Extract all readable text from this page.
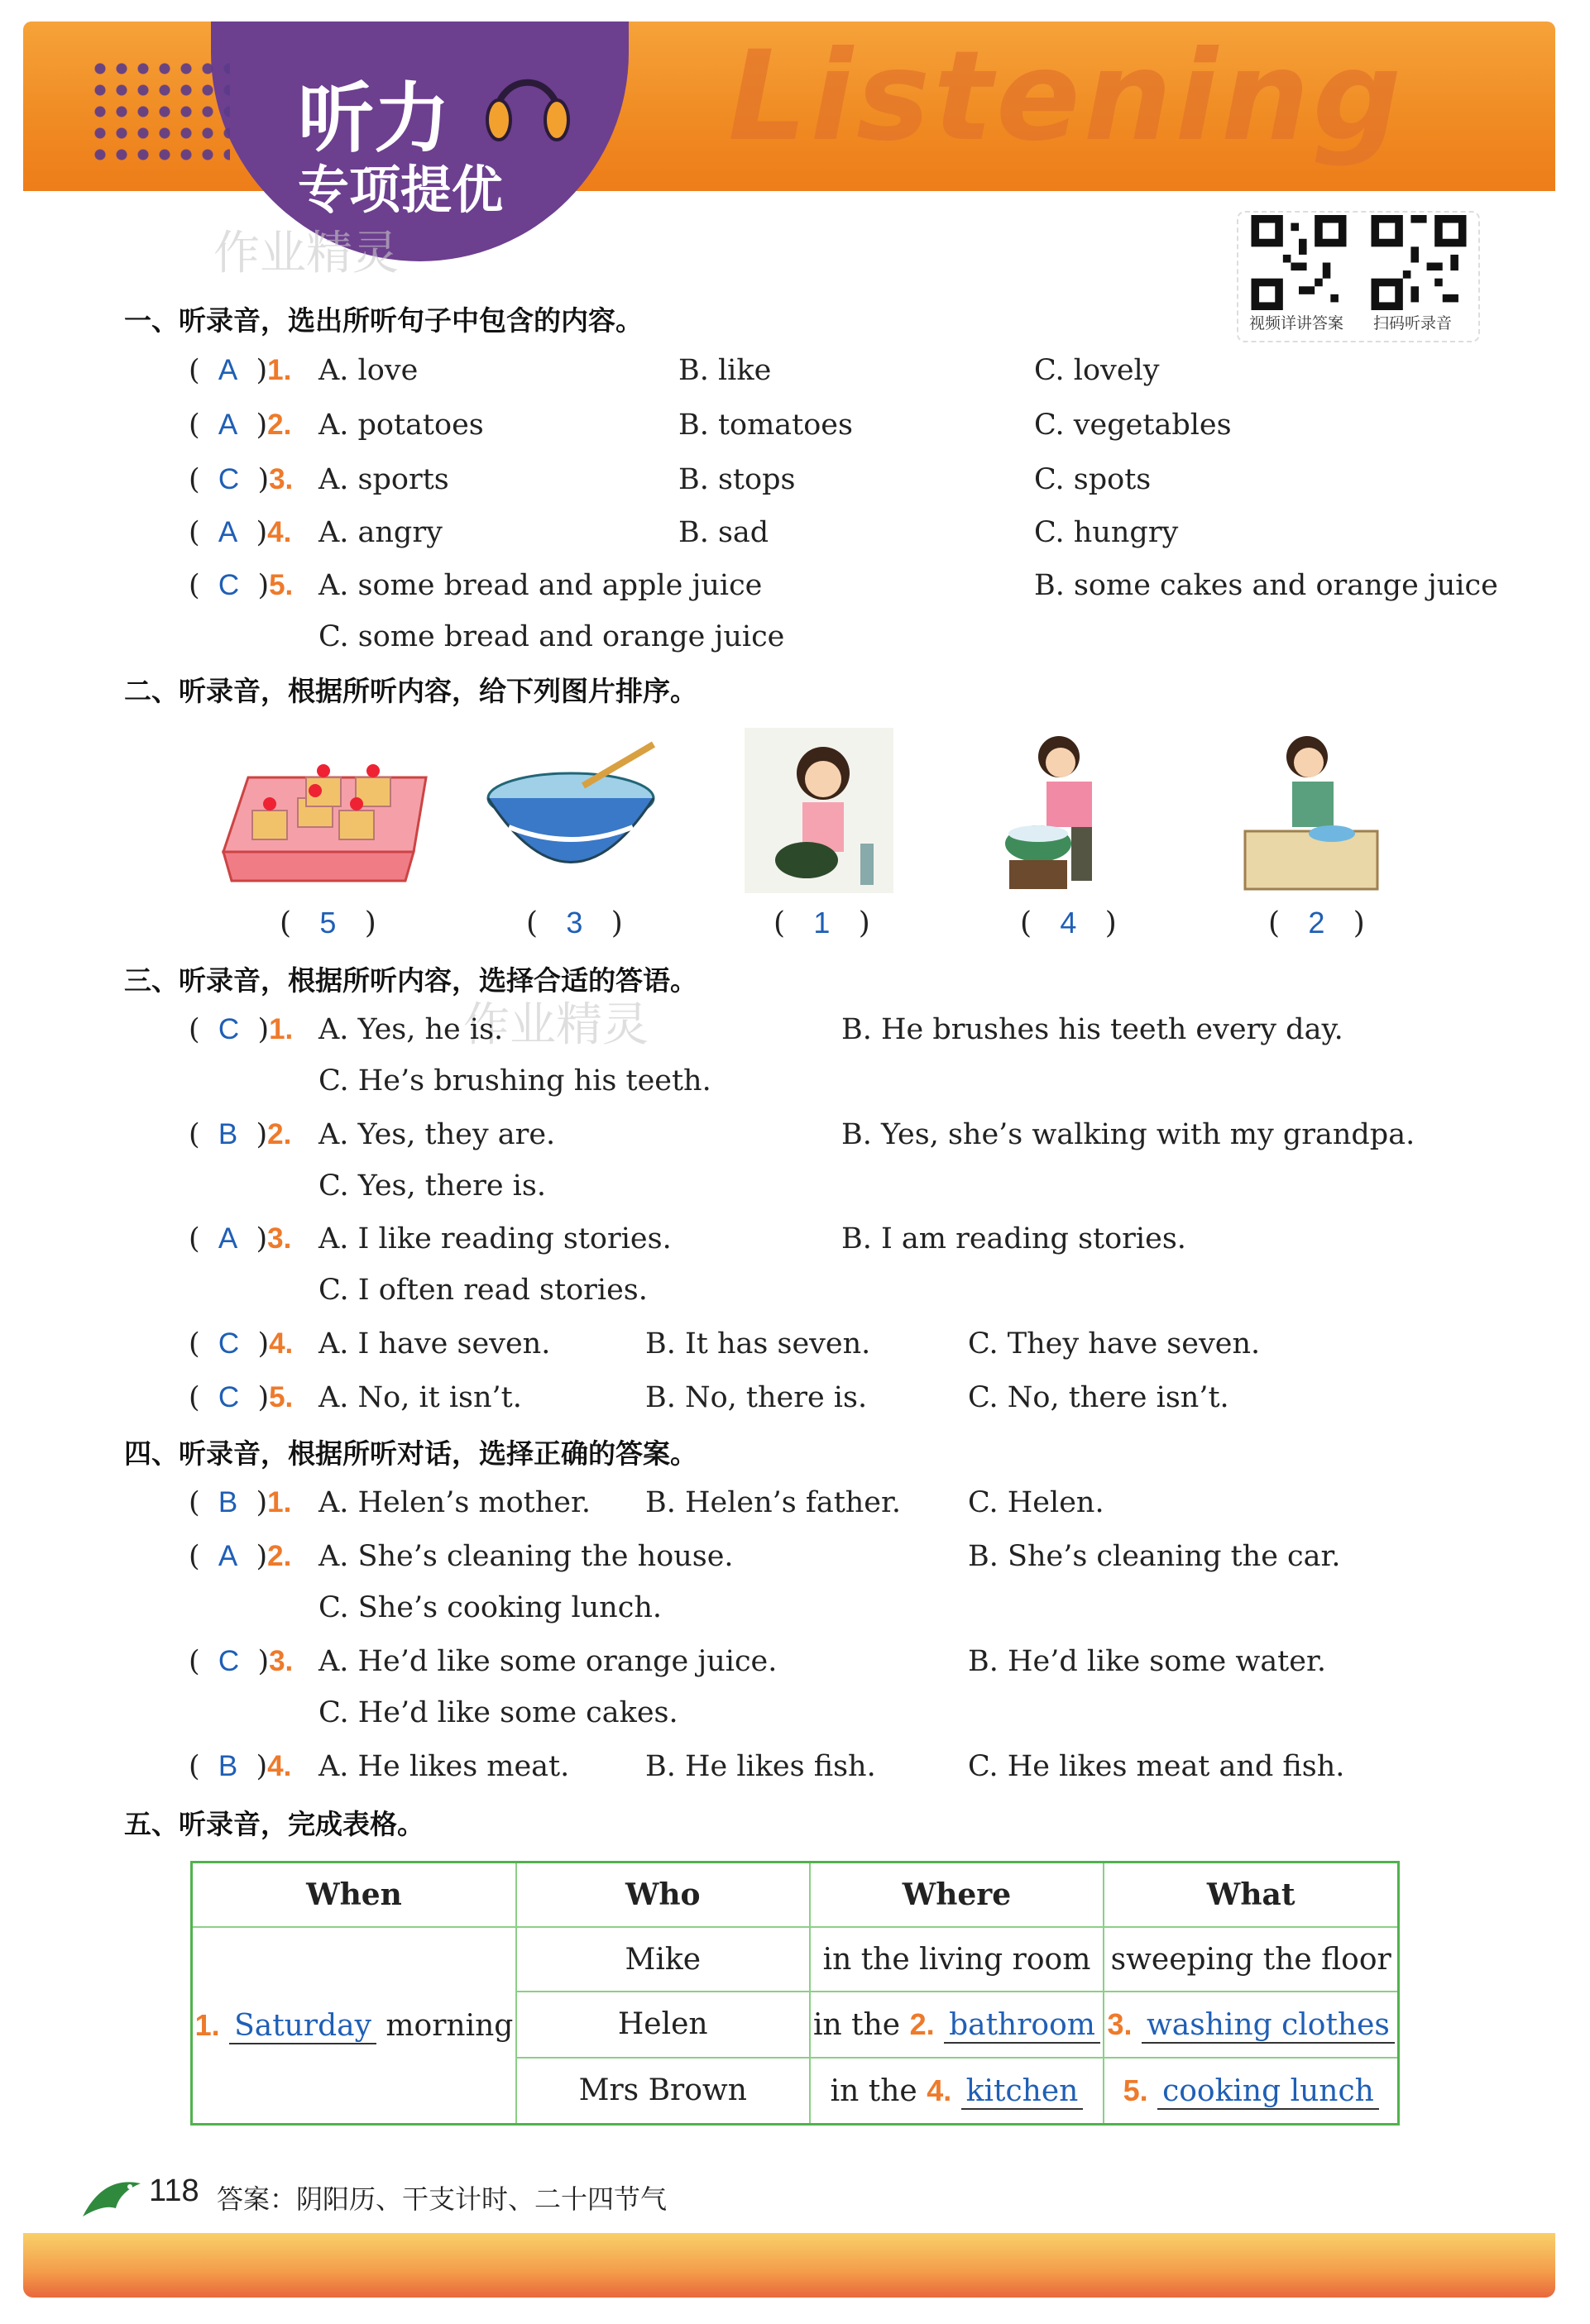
听力
专项提优
Listening
作业精灵
作业精灵
视频详讲答案 扫码听录音
一、听录音，选出所听句子中包含的内容。
(  A  )1. A. love	B. like	C. lovely
(  A  )2. A. potatoes	B. tomatoes	C. vegetables
(  C  )3. A. sports	B. stops	C. spots
(  A  )4. A. angry	B. sad	C. hungry
(  C  )5. A. some bread and apple juice	B. some cakes and orange juice
C. some bread and orange juice
二、听录音，根据所听内容，给下列图片排序。
(   5   )	(   3   )	(   1   )	(   4   )	(   2   )
三、听录音，根据所听内容，选择合适的答语。
(  C  )1. A. Yes, he is.	B. He brushes his teeth every day.
C. He’s brushing his teeth.
(  B  )2. A. Yes, they are.	B. Yes, she’s walking with my grandpa.
C. Yes, there is.
(  A  )3. A. I like reading stories.	B. I am reading stories.
C. I often read stories.
(  C  )4. A. I have seven.	B. It has seven.	C. They have seven.
(  C  )5. A. No, it isn’t.	B. No, there is.	C. No, there isn’t.
四、听录音，根据所听对话，选择正确的答案。
(  B  )1. A. Helen’s mother. B. Helen’s father. C. Helen.
(  A  )2. A. She’s cleaning the house.	B. She’s cleaning the car.
C. She’s cooking lunch.
(  C  )3. A. He’d like some orange juice.	B. He’d like some water.
C. He’d like some cakes.
(  B  )4. A. He likes meat.	B. He likes fish.	C. He likes meat and fish.
五、听录音，完成表格。
When	Who	Where	What
1. Saturday morning	Mike	in the living room	sweeping the floor
	Helen	in the 2. bathroom	3. washing clothes
	Mrs Brown	in the 4. kitchen	5. cooking lunch
118 答案：阴阳历、干支计时、二十四节气
